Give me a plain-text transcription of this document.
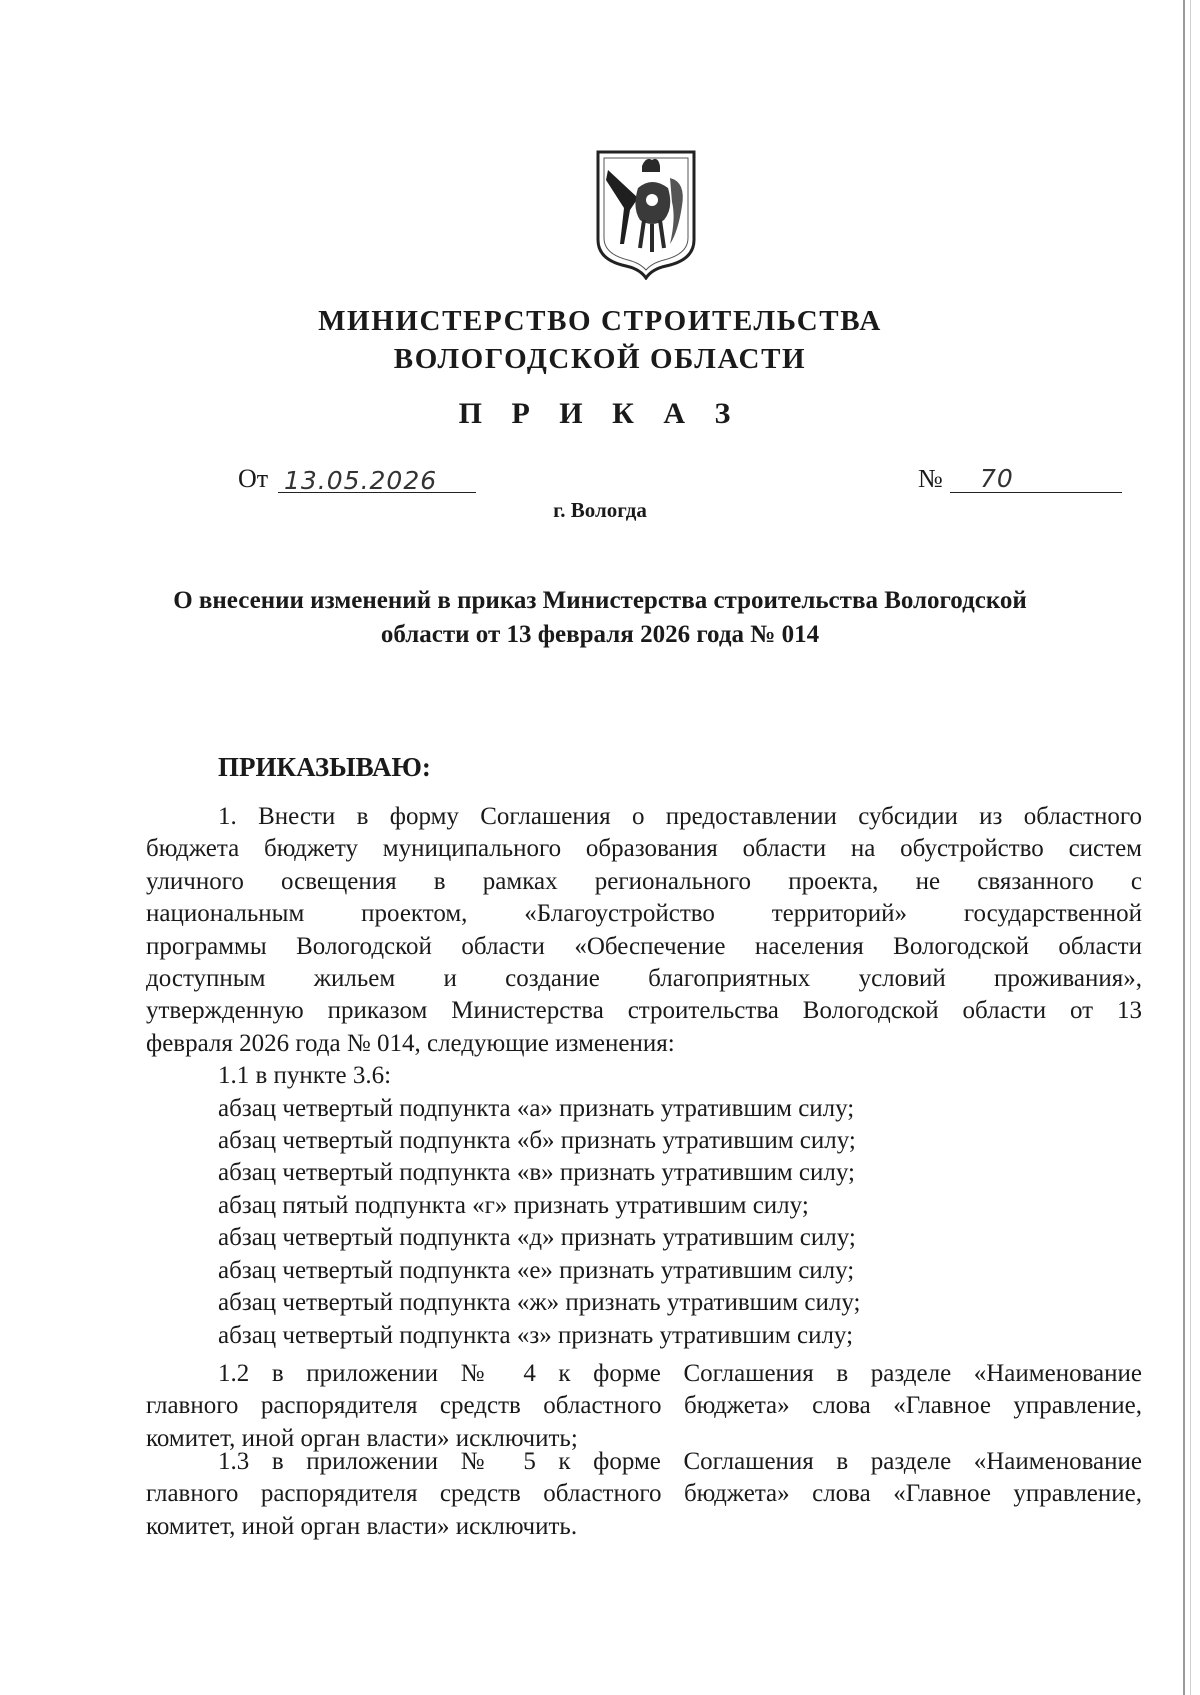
МИНИСТЕРСТВО СТРОИТЕЛЬСТВА
ВОЛОГОДСКОЙ ОБЛАСТИ
П Р И К А З
От 13.05.2026	№ 70
г. Вологда
О внесении изменений в приказ Министерства строительства Вологодской
области от 13 февраля 2026 года № 014
ПРИКАЗЫВАЮ:

1. Внести в форму Соглашения о предоставлении субсидии из областного

бюджета бюджету муниципального образования области на обустройство систем

уличного освещения в рамках регионального проекта, не связанного с

национальным проектом, «Благоустройство территорий» государственной

программы Вологодской области «Обеспечение населения Вологодской области

доступным жильем и создание благоприятных условий проживания»,

утвержденную приказом Министерства строительства Вологодской области от 13

февраля 2026 года № 014, следующие изменения:

1.1 в пункте 3.6:

абзац четвертый подпункта «а» признать утратившим силу;

абзац четвертый подпункта «б» признать утратившим силу;

абзац четвертый подпункта «в» признать утратившим силу;

абзац пятый подпункта «г» признать утратившим силу;

абзац четвертый подпункта «д» признать утратившим силу;

абзац четвертый подпункта «е» признать утратившим силу;

абзац четвертый подпункта «ж» признать утратившим силу;

абзац четвертый подпункта «з» признать утратившим силу;

1.2 в приложении № 4 к форме Соглашения в разделе «Наименование

главного распорядителя средств областного бюджета» слова «Главное управление,

комитет, иной орган власти» исключить;

1.3 в приложении № 5 к форме Соглашения в разделе «Наименование

главного распорядителя средств областного бюджета» слова «Главное управление,

комитет, иной орган власти» исключить.
